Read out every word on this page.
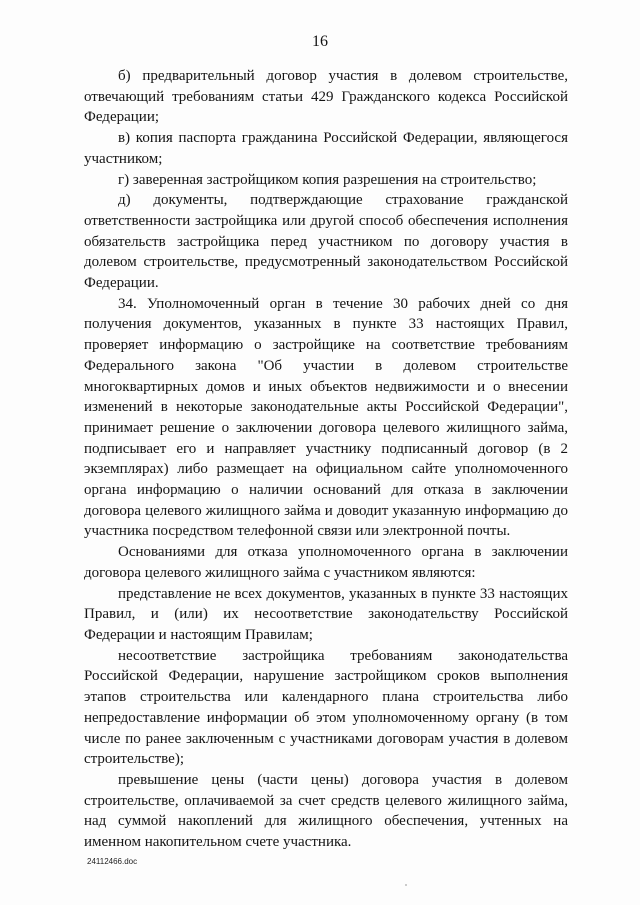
16

б) предварительный договор участия в долевом строительстве, отвечающий требованиям статьи 429 Гражданского кодекса Российской Федерации;

в) копия паспорта гражданина Российской Федерации, являющегося участником;

г) заверенная застройщиком копия разрешения на строительство;

д) документы, подтверждающие страхование гражданской ответственности застройщика или другой способ обеспечения исполнения обязательств застройщика перед участником по договору участия в долевом строительстве, предусмотренный законодательством Российской Федерации.

34. Уполномоченный орган в течение 30 рабочих дней со дня получения документов, указанных в пункте 33 настоящих Правил, проверяет информацию о застройщике на соответствие требованиям Федерального закона "Об участии в долевом строительстве многоквартирных домов и иных объектов недвижимости и о внесении изменений в некоторые законодательные акты Российской Федерации", принимает решение о заключении договора целевого жилищного займа, подписывает его и направляет участнику подписанный договор (в 2 экземплярах) либо размещает на официальном сайте уполномоченного органа информацию о наличии оснований для отказа в заключении договора целевого жилищного займа и доводит указанную информацию до участника посредством телефонной связи или электронной почты.

Основаниями для отказа уполномоченного органа в заключении договора целевого жилищного займа с участником являются:

представление не всех документов, указанных в пункте 33 настоящих Правил, и (или) их несоответствие законодательству Российской Федерации и настоящим Правилам;

несоответствие застройщика требованиям законодательства Российской Федерации, нарушение застройщиком сроков выполнения этапов строительства или календарного плана строительства либо непредоставление информации об этом уполномоченному органу (в том числе по ранее заключенным с участниками договорам участия в долевом строительстве);

превышение цены (части цены) договора участия в долевом строительстве, оплачиваемой за счет средств целевого жилищного займа, над суммой накоплений для жилищного обеспечения, учтенных на именном накопительном счете участника.

24112466.doc
